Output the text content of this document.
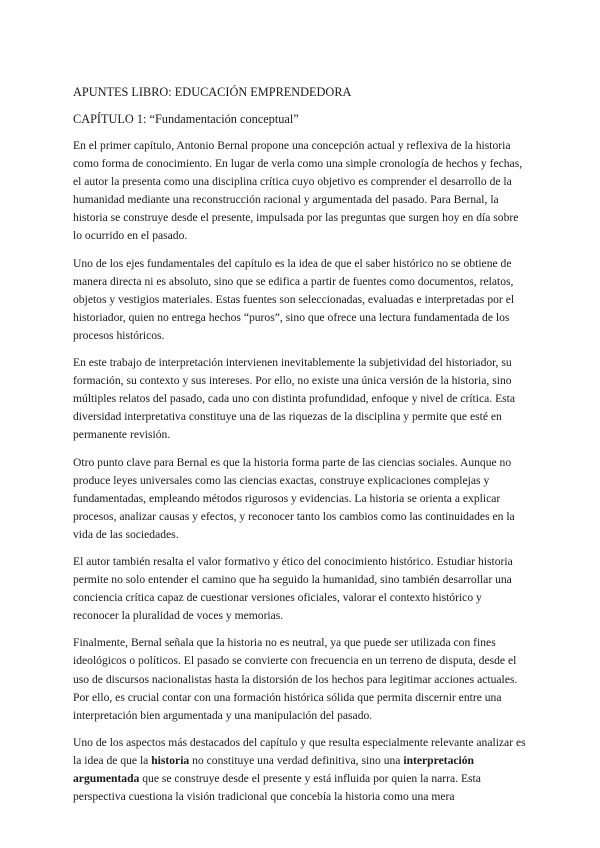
APUNTES LIBRO: EDUCACIÓN EMPRENDEDORA

CAPÍTULO 1: “Fundamentación conceptual”

En el primer capítulo, Antonio Bernal propone una concepción actual y reflexiva de la historia como forma de conocimiento. En lugar de verla como una simple cronología de hechos y fechas, el autor la presenta como una disciplina crítica cuyo objetivo es comprender el desarrollo de la humanidad mediante una reconstrucción racional y argumentada del pasado. Para Bernal, la historia se construye desde el presente, impulsada por las preguntas que surgen hoy en día sobre lo ocurrido en el pasado.

Uno de los ejes fundamentales del capítulo es la idea de que el saber histórico no se obtiene de manera directa ni es absoluto, sino que se edifica a partir de fuentes como documentos, relatos, objetos y vestigios materiales. Estas fuentes son seleccionadas, evaluadas e interpretadas por el historiador, quien no entrega hechos “puros”, sino que ofrece una lectura fundamentada de los procesos históricos.

En este trabajo de interpretación intervienen inevitablemente la subjetividad del historiador, su formación, su contexto y sus intereses. Por ello, no existe una única versión de la historia, sino múltiples relatos del pasado, cada uno con distinta profundidad, enfoque y nivel de crítica. Esta diversidad interpretativa constituye una de las riquezas de la disciplina y permite que esté en permanente revisión.

Otro punto clave para Bernal es que la historia forma parte de las ciencias sociales. Aunque no produce leyes universales como las ciencias exactas, construye explicaciones complejas y fundamentadas, empleando métodos rigurosos y evidencias. La historia se orienta a explicar procesos, analizar causas y efectos, y reconocer tanto los cambios como las continuidades en la vida de las sociedades.

El autor también resalta el valor formativo y ético del conocimiento histórico. Estudiar historia permite no solo entender el camino que ha seguido la humanidad, sino también desarrollar una conciencia crítica capaz de cuestionar versiones oficiales, valorar el contexto histórico y reconocer la pluralidad de voces y memorias.

Finalmente, Bernal señala que la historia no es neutral, ya que puede ser utilizada con fines ideológicos o políticos. El pasado se convierte con frecuencia en un terreno de disputa, desde el uso de discursos nacionalistas hasta la distorsión de los hechos para legitimar acciones actuales. Por ello, es crucial contar con una formación histórica sólida que permita discernir entre una interpretación bien argumentada y una manipulación del pasado.

Uno de los aspectos más destacados del capítulo y que resulta especialmente relevante analizar es la idea de que la historia no constituye una verdad definitiva, sino una interpretación argumentada que se construye desde el presente y está influida por quien la narra. Esta perspectiva cuestiona la visión tradicional que concebía la historia como una mera
